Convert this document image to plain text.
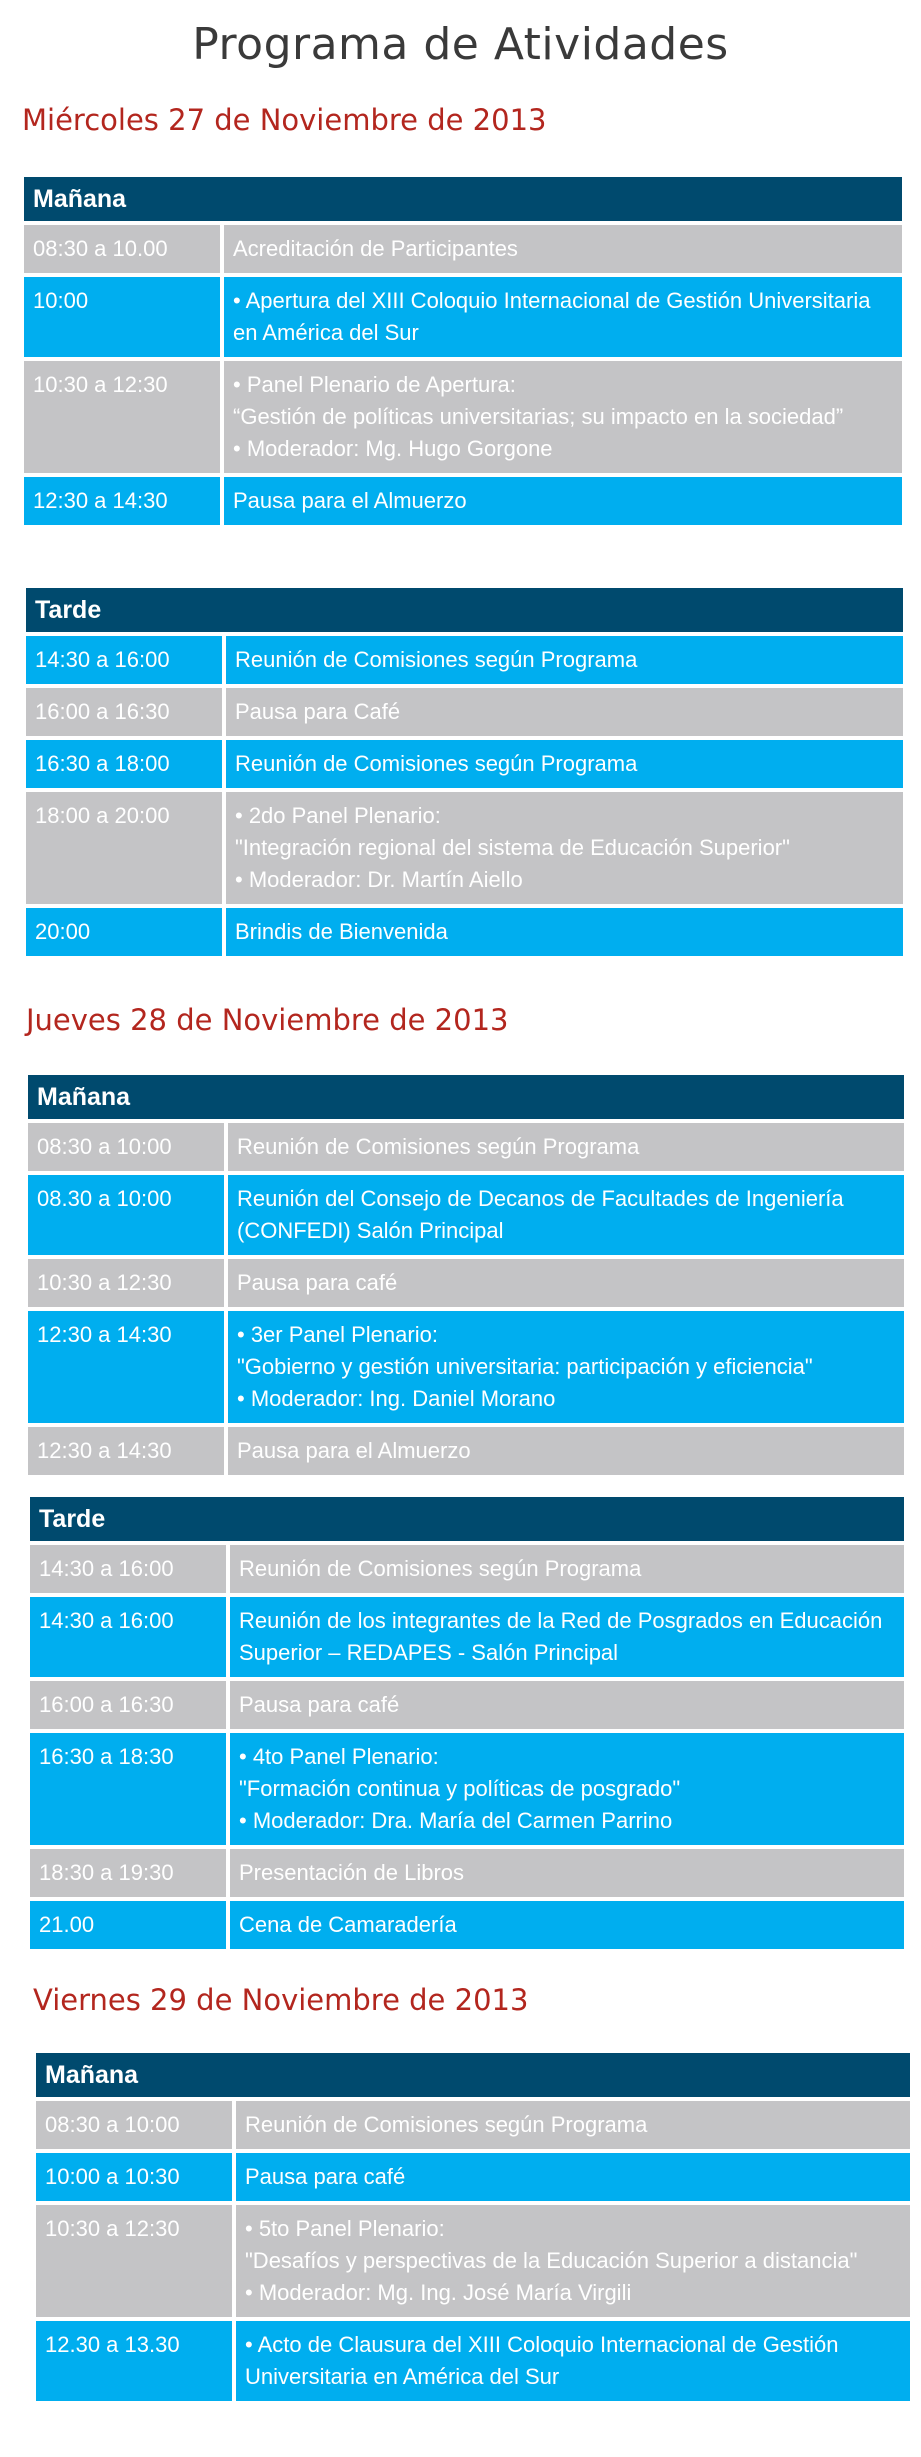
Programa de Atividades
Miércoles 27 de Noviembre de 2013
Mañana
08:30 a 10.00	Acreditación de Participantes
10:00	• Apertura del XIII Coloquio Internacional de Gestión Universitaria en América del Sur
10:30 a 12:30	• Panel Plenario de Apertura:
“Gestión de políticas universitarias; su impacto en la sociedad”
• Moderador: Mg. Hugo Gorgone
12:30 a 14:30	Pausa para el Almuerzo
Tarde
14:30 a 16:00	Reunión de Comisiones según Programa
16:00 a 16:30	Pausa para Café
16:30 a 18:00	Reunión de Comisiones según Programa
18:00 a 20:00	• 2do Panel Plenario:
"Integración regional del sistema de Educación Superior"
• Moderador: Dr. Martín Aiello
20:00	Brindis de Bienvenida
Jueves 28 de Noviembre de 2013
Mañana
08:30 a 10:00	Reunión de Comisiones según Programa
08.30 a 10:00	Reunión del Consejo de Decanos de Facultades de Ingeniería (CONFEDI) Salón Principal
10:30 a 12:30	Pausa para café
12:30 a 14:30	• 3er Panel Plenario:
"Gobierno y gestión universitaria: participación y eficiencia"
• Moderador: Ing. Daniel Morano
12:30 a 14:30	Pausa para el Almuerzo
Tarde
14:30 a 16:00	Reunión de Comisiones según Programa
14:30 a 16:00	Reunión de los integrantes de la Red de Posgrados en Educación Superior – REDAPES - Salón Principal
16:00 a 16:30	Pausa para café
16:30 a 18:30	• 4to Panel Plenario:
"Formación continua y políticas de posgrado"
• Moderador: Dra. María del Carmen Parrino
18:30 a 19:30	Presentación de Libros
21.00	Cena de Camaradería
Viernes 29 de Noviembre de 2013
Mañana
08:30 a 10:00	Reunión de Comisiones según Programa
10:00 a 10:30	Pausa para café
10:30 a 12:30	• 5to Panel Plenario:
"Desafíos y perspectivas de la Educación Superior a distancia"
• Moderador: Mg. Ing. José María Virgili
12.30 a 13.30	• Acto de Clausura del XIII Coloquio Internacional de Gestión Universitaria en América del Sur
